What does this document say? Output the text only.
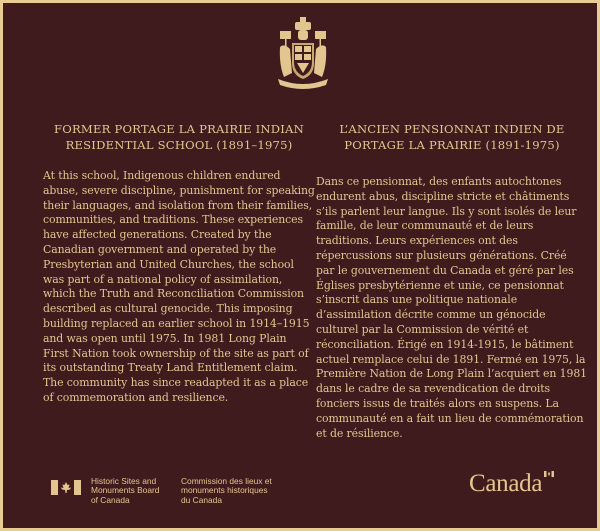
FORMER PORTAGE LA PRAIRIE INDIAN
RESIDENTIAL SCHOOL (1891–1975)

At this school, Indigenous children endured abuse, severe discipline, punishment for speaking their languages, and isolation from their families, communities, and traditions. These experiences have affected generations. Created by the Canadian government and operated by the Presbyterian and United Churches, the school was part of a national policy of assimilation, which the Truth and Reconciliation Commission described as cultural genocide. This imposing building replaced an earlier school in 1914–1915 and was open until 1975. In 1981 Long Plain First Nation took ownership of the site as part of its outstanding Treaty Land Entitlement claim. The community has since readapted it as a place of commemoration and resilience.

L’ANCIEN PENSIONNAT INDIEN DE
PORTAGE LA PRAIRIE (1891-1975)

Dans ce pensionnat, des enfants autochtones endurent abus, discipline stricte et châtiments s’ils parlent leur langue. Ils y sont isolés de leur famille, de leur communauté et de leurs traditions. Leurs expériences ont des répercussions sur plusieurs générations. Créé par le gouvernement du Canada et géré par les Églises presbytérienne et unie, ce pensionnat s’inscrit dans une politique nationale d’assimilation décrite comme un génocide culturel par la Commission de vérité et réconciliation. Érigé en 1914-1915, le bâtiment actuel remplace celui de 1891. Fermé en 1975, la Première Nation de Long Plain l’acquiert en 1981 dans le cadre de sa revendication de droits fonciers issus de traités alors en suspens. La communauté en a fait un lieu de commémoration et de résilience.

Historic Sites and
Monuments Board
of Canada
Commission des lieux et
monuments historiques
du Canada
Canada
